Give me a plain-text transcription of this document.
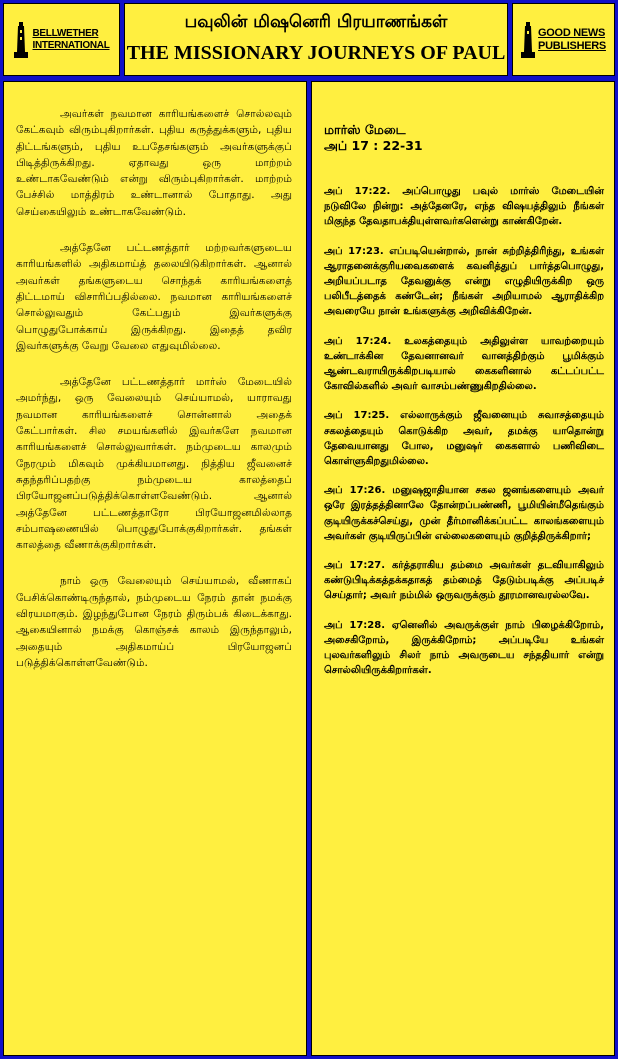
BELLWETHER
INTERNATIONAL
பவுலின் மிஷனெரி பிரயாணங்கள்
THE MISSIONARY JOURNEYS OF PAUL
GOOD NEWS
PUBLISHERS

அவர்கள் நவமான காரியங்களைச் சொல்லவும் கேட்கவும் விரும்புகிறார்கள். புதிய கருத்துக்களும், புதிய திட்டங்களும், புதிய உபதேசங்களும் அவர்களுக்குப் பிடித்திருக்கிறது. ஏதாவது ஒரு மாற்றம் உண்டாகவேண்டும் என்று விரும்புகிறார்கள். மாற்றம் பேச்சில் மாத்திரம் உண்டானால் போதாது. அது செய்கையிலும் உண்டாகவேண்டும்.

அத்தேனே பட்டணத்தார் மற்றவர்களுடைய காரியங்களில் அதிகமாய்த் தலையிடுகிறார்கள். ஆனால் அவர்கள் தங்களுடைய சொந்தக் காரியங்களைத் திட்டமாய் விசாரிப்பதில்லை. நவமான காரியங்களைச் சொல்லுவதும் கேட்பதும் இவர்களுக்கு பொழுதுபோக்காய் இருக்கிறது. இதைத் தவிர இவர்களுக்கு வேறு வேலை எதுவுமில்லை.

அத்தேனே பட்டணத்தார் மார்ஸ் மேடையில் அமர்ந்து, ஒரு வேலையும் செய்யாமல், யாராவது நவமான காரியங்களைச் சொன்னால் அதைக் கேட்பார்கள். சில சமயங்களில் இவர்களே நவமான காரியங்களைச் சொல்லுவார்கள். நம்முடைய காலமும் நேரமும் மிகவும் முக்கியமானது. நித்திய ஜீவனைச் சுதந்தரிப்பதற்கு நம்முடைய காலத்தைப் பிரயோஜனப்படுத்திக்கொள்ளவேண்டும். ஆனால் அத்தேனே பட்டணத்தாரோ பிரயோஜனமில்லாத சம்பாஷணையில் பொழுதுபோக்குகிறார்கள். தங்கள் காலத்தை வீணாக்குகிறார்கள்.

நாம் ஒரு வேலையும் செய்யாமல், வீணாகப் பேசிக்கொண்டிருந்தால், நம்முடைய நேரம் தான் நமக்கு விரயமாகும். இழந்துபோன நேரம் திரும்பக் கிடைக்காது. ஆகையினால் நமக்கு கொஞ்சக் காலம் இருந்தாலும், அதையும் அதிகமாய்ப் பிரயோஜனப் படுத்திக்கொள்ளவேண்டும்.

மார்ஸ் மேடை
அப் 17 : 22-31

அப் 17:22. அப்பொழுது பவுல் மார்ஸ் மேடையின் நடுவிலே நின்று: அத்தேனரே, எந்த விஷயத்திலும் நீங்கள் மிகுந்த தேவதாபக்தியுள்ளவர்களென்று காண்கிறேன்.

அப் 17:23. எப்படியென்றால், நான் சுற்றித்திரிந்து, உங்கள் ஆராதனைக்குரியவைகளைக் கவனித்துப் பார்த்தபொழுது, அறியப்படாத தேவனுக்கு என்று எழுதியிருக்கிற ஒரு பலிபீடத்தைக் கண்டேன்; நீங்கள் அறியாமல் ஆராதிக்கிற அவரையே நான் உங்களுக்கு அறிவிக்கிறேன்.

அப் 17:24. உலகத்தையும் அதிலுள்ள யாவற்றையும் உண்டாக்கின தேவனானவர் வானத்திற்கும் பூமிக்கும் ஆண்டவராயிருக்கிறபடியால் கைகளினால் கட்டப்பட்ட கோவில்களில் அவர் வாசம்பண்ணுகிறதில்லை.

அப் 17:25. எல்லாருக்கும் ஜீவனையும் சுவாசத்தையும் சகலத்தையும் கொடுக்கிற அவர், தமக்கு யாதொன்று தேவையானது போல, மனுஷர் கைகளால் பணிவிடை கொள்ளுகிறதுமில்லை.

அப் 17:26. மனுஷஜாதியான சகல ஜனங்களையும் அவர் ஒரே இரத்தத்தினாலே தோன்றப்பண்ணி, பூமியின்மீதெங்கும் குடியிருக்கச்செய்து, முன் தீர்மானிக்கப்பட்ட காலங்களையும் அவர்கள் குடியிருப்பின் எல்லைகளையும் குறித்திருக்கிறார்;

அப் 17:27. கர்த்தராகிய தம்மை அவர்கள் தடவியாகிலும் கண்டுபிடிக்கத்தக்கதாகத் தம்மைத் தேடும்படிக்கு அப்படிச் செய்தார்; அவர் நம்மில் ஒருவருக்கும் தூரமானவரல்லவே.

அப் 17:28. ஏனெனில் அவருக்குள் நாம் பிழைக்கிறோம், அசைகிறோம், இருக்கிறோம்; அப்படியே உங்கள் புலவர்களிலும் சிலர் நாம் அவருடைய சந்ததியார் என்று சொல்லியிருக்கிறார்கள்.
